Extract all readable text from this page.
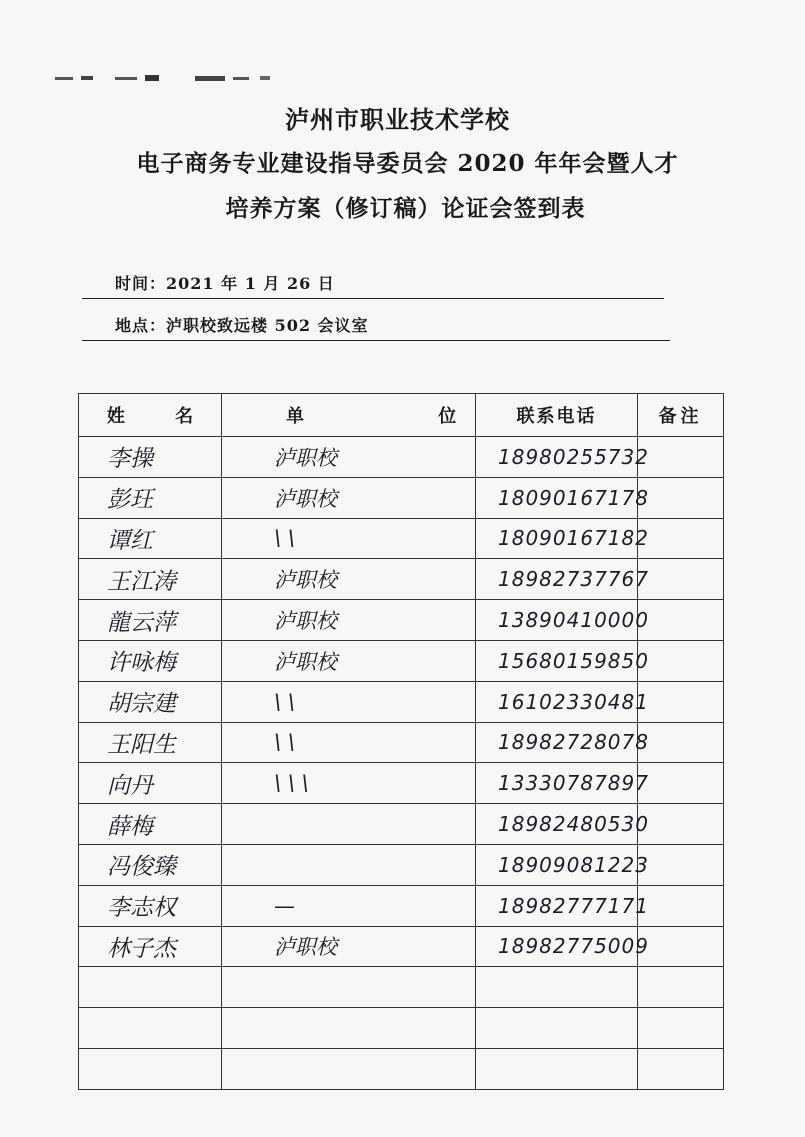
泸州市职业技术学校
电子商务专业建设指导委员会 2020 年年会暨人才
培养方案（修订稿）论证会签到表
时间：2021 年 1 月 26 日
地点：泸职校致远楼 502 会议室
姓 名	单 位	联系电话	备注

李操	泸职校	18980255732	

彭玨	泸职校	18090167178	

谭红	\ \	18090167182	

王江涛	泸职校	18982737767	

龍云萍	泸职校	13890410000	

许咏梅	泸职校	15680159850	

胡宗建	\ \	16102330481	

王阳生	\ \	18982728078	

向丹	\ \ \	13330787897	

薛梅		18982480530	

冯俊臻		18909081223	

李志权	—	18982777171	

林子杰	泸职校	18982775009	
